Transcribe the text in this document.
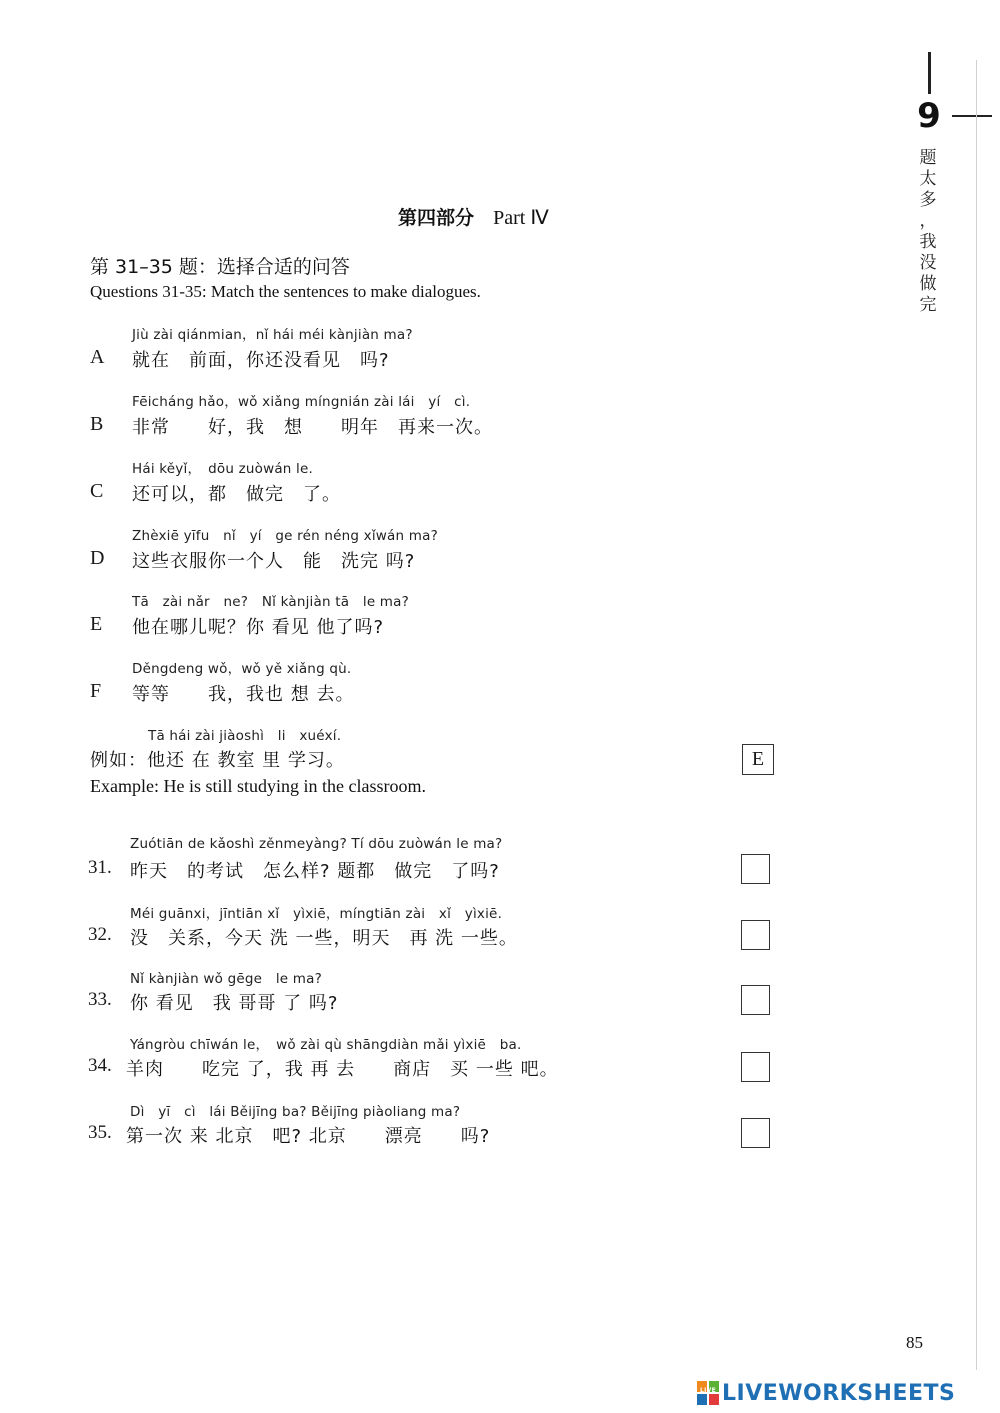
9
题
太
多
，
我
没
做
完
第四部分 Part Ⅳ
第 31–35 题：选择合适的问答
Questions 31-35: Match the sentences to make dialogues.
Jiù zài qiánmian，nǐ hái méi kànjiàn ma?
A	就在　前面，你还没看见　吗?
Fēicháng hǎo，wǒ xiǎng míngnián zài lái　yí　cì.
B	非常　　好，我　想　　明年　再来一次。
Hái kěyǐ，　dōu zuòwán le.
C	还可以，都　做完　了。
Zhèxiē yīfu　nǐ　yí　ge rén néng xǐwán ma?
D	这些衣服你一个人　能　洗完 吗?
Tā　zài nǎr　ne?　Nǐ kànjiàn tā　le ma?
E	他在哪儿呢？你 看见 他了吗?
Děngdeng wǒ，wǒ yě xiǎng qù.
F	等等　　我，我也 想 去。
Tā hái zài jiàoshì　li　xuéxí.
例如：他还 在 教室 里 学习。
Example: He is still studying in the classroom.
E
Zuótiān de kǎoshì zěnmeyàng? Tí dōu zuòwán le ma?
31.	昨天　的考试　怎么样? 题都　做完　了吗?
Méi guānxi，jīntiān xǐ　yìxiē，míngtiān zài　xǐ　yìxiē.
32.	没　关系，今天 洗 一些，明天　再 洗 一些。
Nǐ kànjiàn wǒ gēge　le ma?
33.	你 看见　我 哥哥 了 吗?
Yángròu chīwán le，　wǒ zài qù shāngdiàn mǎi yìxiē　ba.
34. 羊肉　　吃完 了，我 再 去　　商店　买 一些 吧。
Dì　yī　cì　lái Běijīng ba? Běijīng piàoliang ma?
35. 第一次 来 北京　吧? 北京　　漂亮　　吗?
85
LIVE LIVEWORKSHEETS
